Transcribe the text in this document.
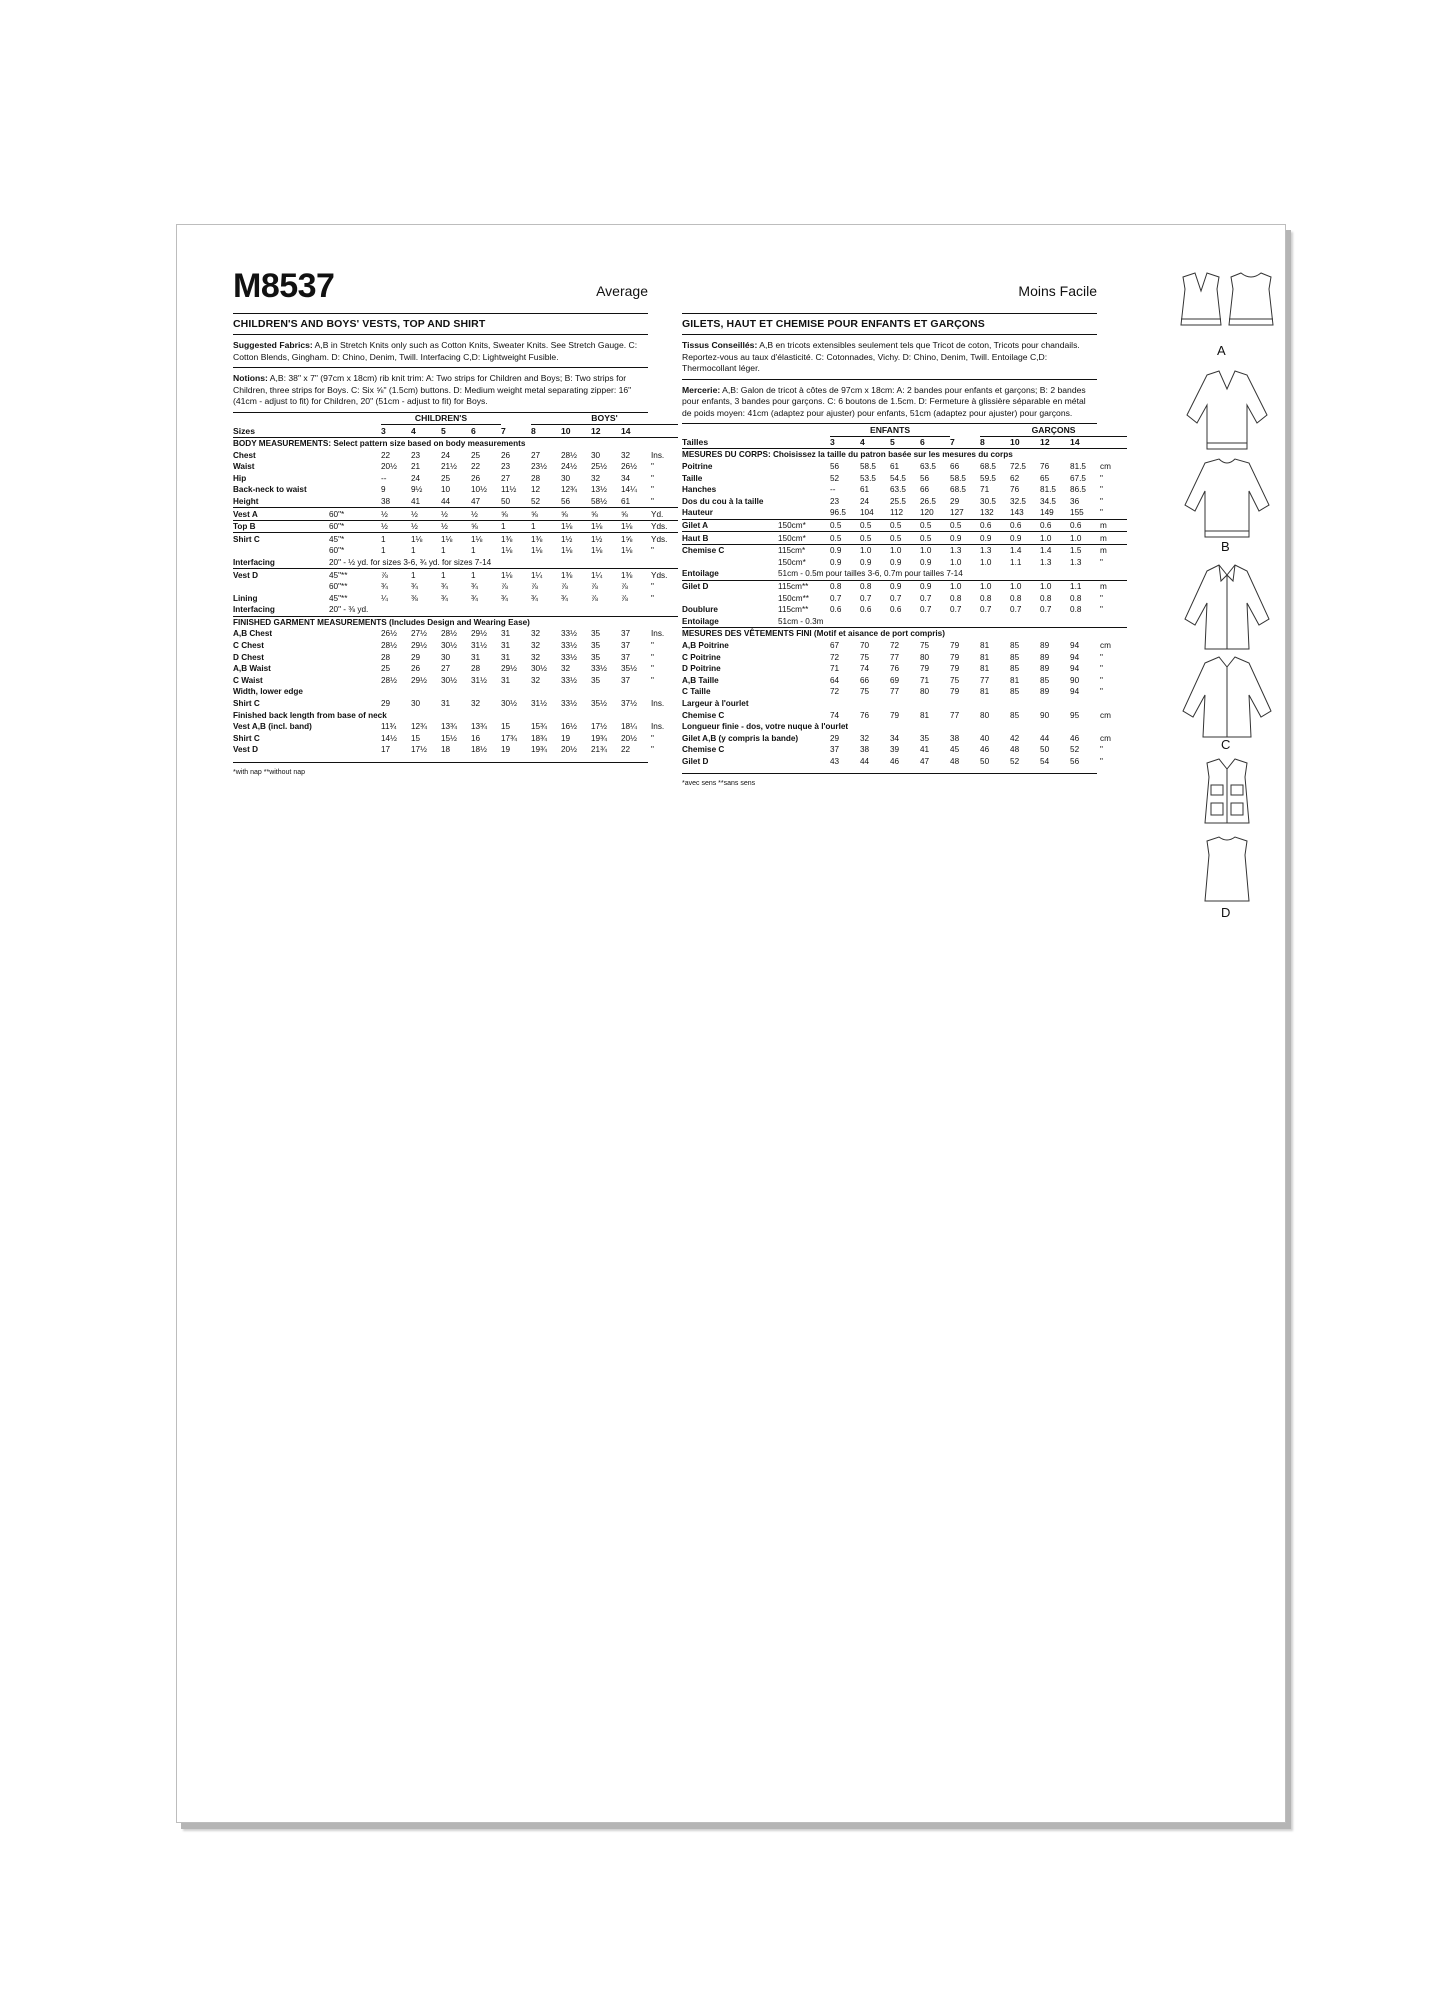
M8537	Average
CHILDREN'S AND BOYS' VESTS, TOP AND SHIRT
Suggested Fabrics: A,B in Stretch Knits only such as Cotton Knits, Sweater Knits. See Stretch Gauge. C: Cotton Blends, Gingham. D: Chino, Denim, Twill. Interfacing C,D: Lightweight Fusible.
Notions: A,B: 38" x 7" (97cm x 18cm) rib knit trim: A: Two strips for Children and Boys; B: Two strips for Children, three strips for Boys. C: Six ⅝" (1.5cm) buttons. D: Medium weight metal separating zipper: 16" (41cm - adjust to fit) for Children, 20" (51cm - adjust to fit) for Boys.
		CHILDREN'S					BOYS'					
Sizes		3	4	5	6	7	8	10	12	14		
BODY MEASUREMENTS: Select pattern size based on body measurements												
Chest		22	23	24	25	26	27	28½	30	32	Ins.	
Waist		20½	21	21½	22	23	23½	24½	25½	26½	"	
Hip		--	24	25	26	27	28	30	32	34	"	
Back-neck to waist		9	9½	10	10½	11½	12	12¾	13½	14¼	"	
Height		38	41	44	47	50	52	56	58½	61	"	
Vest A	60"*	½	½	½	½	⅝	⅝	⅝	⅝	⅝	Yd.	
Top B	60"*	½	½	½	⅝	1	1	1⅛	1⅛	1⅛	Yds.	
Shirt C	45"*	1	1⅛	1⅛	1⅛	1⅜	1⅜	1½	1½	1⅝	Yds.	
	60"*	1	1	1	1	1⅛	1⅛	1⅛	1⅛	1⅛	"	
Interfacing	20" - ½ yd. for sizes 3-6, ¾ yd. for sizes 7-14											
Vest D	45"**	⅞	1	1	1	1⅛	1¼	1⅜	1¼	1⅜	Yds.	
	60"**	¾	¾	¾	¾	⅞	⅞	⅞	⅞	⅞	"	
Lining	45"**	¼	⅜	¾	¾	¾	¾	¾	⅞	⅞	"	
Interfacing	20" - ⅜ yd.											
FINISHED GARMENT MEASUREMENTS (Includes Design and Wearing Ease)												
A,B Chest		26½	27½	28½	29½	31	32	33½	35	37	Ins.	
C Chest		28½	29½	30½	31½	31	32	33½	35	37	"	
D Chest		28	29	30	31	31	32	33½	35	37	"	
A,B Waist		25	26	27	28	29½	30½	32	33½	35½	"	
C Waist		28½	29½	30½	31½	31	32	33½	35	37	"	
Width, lower edge												
Shirt C		29	30	31	32	30½	31½	33½	35½	37½	Ins.	
Finished back length from base of neck												
Vest A,B (incl. band)		11¾	12¾	13¾	13¾	15	15¾	16½	17½	18¼	Ins.	
Shirt C		14½	15	15½	16	17¾	18¾	19	19¾	20½	"	
Vest D		17	17½	18	18½	19	19¾	20½	21¾	22	"	
*with nap **without nap
Moins Facile
GILETS, HAUT ET CHEMISE POUR ENFANTS ET GARÇONS
Tissus Conseillés: A,B en tricots extensibles seulement tels que Tricot de coton, Tricots pour chandails. Reportez-vous au taux d'élasticité. C: Cotonnades, Vichy. D: Chino, Denim, Twill. Entoilage C,D: Thermocollant léger.
Mercerie: A,B: Galon de tricot à côtes de 97cm x 18cm: A: 2 bandes pour enfants et garçons; B: 2 bandes pour enfants, 3 bandes pour garçons. C: 6 boutons de 1.5cm. D: Fermeture à glissière séparable en métal de poids moyen: 41cm (adaptez pour ajuster) pour enfants, 51cm (adaptez pour ajuster) pour garçons.
		ENFANTS					GARÇONS					
Tailles		3	4	5	6	7	8	10	12	14		
MESURES DU CORPS: Choisissez la taille du patron basée sur les mesures du corps												
Poitrine		56	58.5	61	63.5	66	68.5	72.5	76	81.5	cm	
Taille		52	53.5	54.5	56	58.5	59.5	62	65	67.5	"	
Hanches		--	61	63.5	66	68.5	71	76	81.5	86.5	"	
Dos du cou à la taille		23	24	25.5	26.5	29	30.5	32.5	34.5	36	"	
Hauteur		96.5	104	112	120	127	132	143	149	155	"	
Gilet A	150cm*	0.5	0.5	0.5	0.5	0.5	0.6	0.6	0.6	0.6	m	
Haut B	150cm*	0.5	0.5	0.5	0.5	0.9	0.9	0.9	1.0	1.0	m	
Chemise C	115cm*	0.9	1.0	1.0	1.0	1.3	1.3	1.4	1.4	1.5	m	
	150cm*	0.9	0.9	0.9	0.9	1.0	1.0	1.1	1.3	1.3	"	
Entoilage	51cm - 0.5m pour tailles 3-6, 0.7m pour tailles 7-14											
Gilet D	115cm**	0.8	0.8	0.9	0.9	1.0	1.0	1.0	1.0	1.1	m	
	150cm**	0.7	0.7	0.7	0.7	0.8	0.8	0.8	0.8	0.8	"	
Doublure	115cm**	0.6	0.6	0.6	0.7	0.7	0.7	0.7	0.7	0.8	"	
Entoilage	51cm - 0.3m											
MESURES DES VÊTEMENTS FINI (Motif et aisance de port compris)												
A,B Poitrine		67	70	72	75	79	81	85	89	94	cm	
C Poitrine		72	75	77	80	79	81	85	89	94	"	
D Poitrine		71	74	76	79	79	81	85	89	94	"	
A,B Taille		64	66	69	71	75	77	81	85	90	"	
C Taille		72	75	77	80	79	81	85	89	94	"	
Largeur à l'ourlet												
Chemise C		74	76	79	81	77	80	85	90	95	cm	
Longueur finie - dos, votre nuque à l'ourlet												
Gilet A,B (y compris la bande)		29	32	34	35	38	40	42	44	46	cm	
Chemise C		37	38	39	41	45	46	48	50	52	"	
Gilet D		43	44	46	47	48	50	52	54	56	"	
*avec sens **sans sens
A
B
C
D
